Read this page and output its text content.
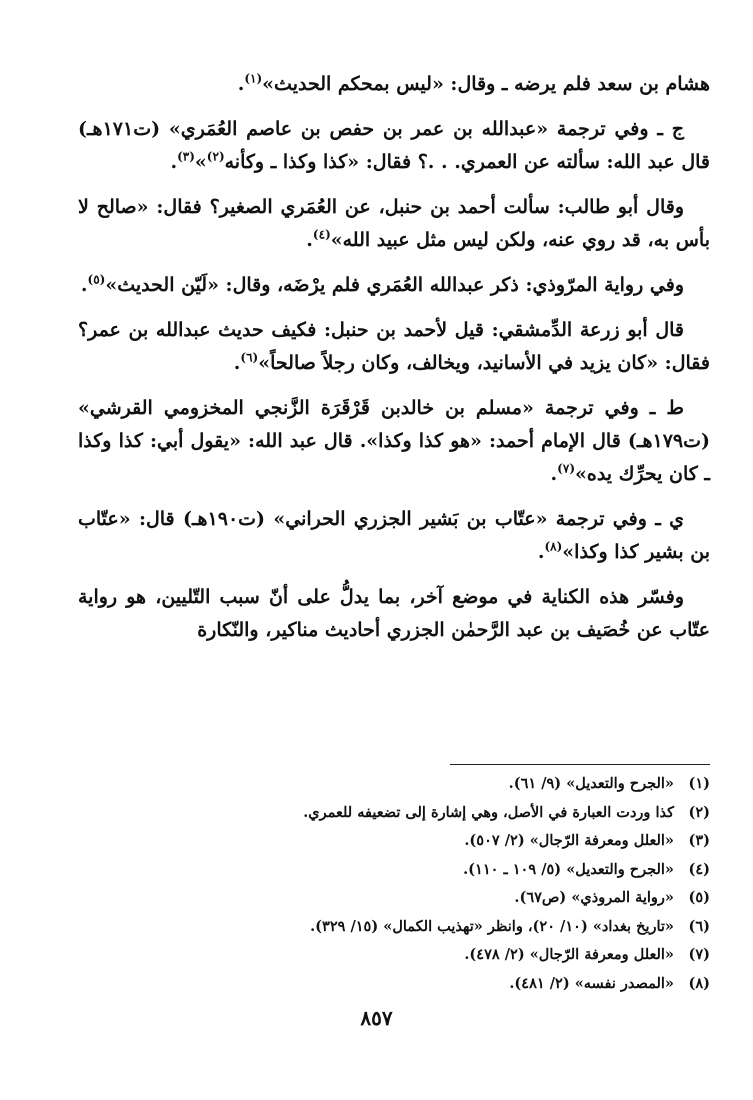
هشام بن سعد فلم يرضه ـ وقال: «ليس بمحكم الحديث»$^{(١)}$.

ج ـ وفي ترجمة «عبدالله بن عمر بن حفص بن عاصم العُمَري» (ت١٧١هـ) قال عبد الله: سألته عن العمري. . .؟ فقال: «كذا وكذا ـ وكأنه$^{(٢)}$»$^{(٣)}$.

وقال أبو طالب: سألت أحمد بن حنبل، عن العُمَري الصغير؟ فقال: «صالح لا بأس به، قد روي عنه، ولكن ليس مثل عبيد الله»$^{(٤)}$.

وفي رواية المرّوذي: ذكر عبدالله العُمَري فلم يرْضَه، وقال: «لَيّن الحديث»$^{(٥)}$.

قال أبو زرعة الدِّمشقي: قيل لأحمد بن حنبل: فكيف حديث عبدالله بن عمر؟ فقال: «كان يزيد في الأسانيد، ويخالف، وكان رجلاً صالحاً»$^{(٦)}$.

ط ـ وفي ترجمة «مسلم بن خالدبن قَرْقَرَة الزَّنجي المخزومي القرشي» (ت١٧٩هـ) قال الإمام أحمد: «هو كذا وكذا». قال عبد الله: «يقول أبي: كذا وكذا ـ كان يحرِّك يده»$^{(٧)}$.

ي ـ وفي ترجمة «عتّاب بن بَشير الجزري الحراني» (ت١٩٠هـ) قال: «عتّاب بن بشير كذا وكذا»$^{(٨)}$.

وفسّر هذه الكناية في موضع آخر، بما يدلُّ على أنّ سبب التّليين، هو رواية عتّاب عن خُصَيف بن عبد الرَّحمٰن الجزري أحاديث مناكير، والنّكارة

(١)«الجرح والتعديل» (٩/ ٦١).
(٢)كذا وردت العبارة في الأصل، وهي إشارة إلى تضعيفه للعمري.
(٣)«العلل ومعرفة الرّجال» (٢/ ٥٠٧).
(٤)«الجرح والتعديل» (٥/ ١٠٩ ـ ١١٠).
(٥)«رواية المروذي» (ص٦٧).
(٦)«تاريخ بغداد» (١٠/ ٢٠)، وانظر «تهذيب الكمال» (١٥/ ٣٢٩).
(٧)«العلل ومعرفة الرّجال» (٢/ ٤٧٨).
(٨)«المصدر نفسه» (٢/ ٤٨١).
٨٥٧
